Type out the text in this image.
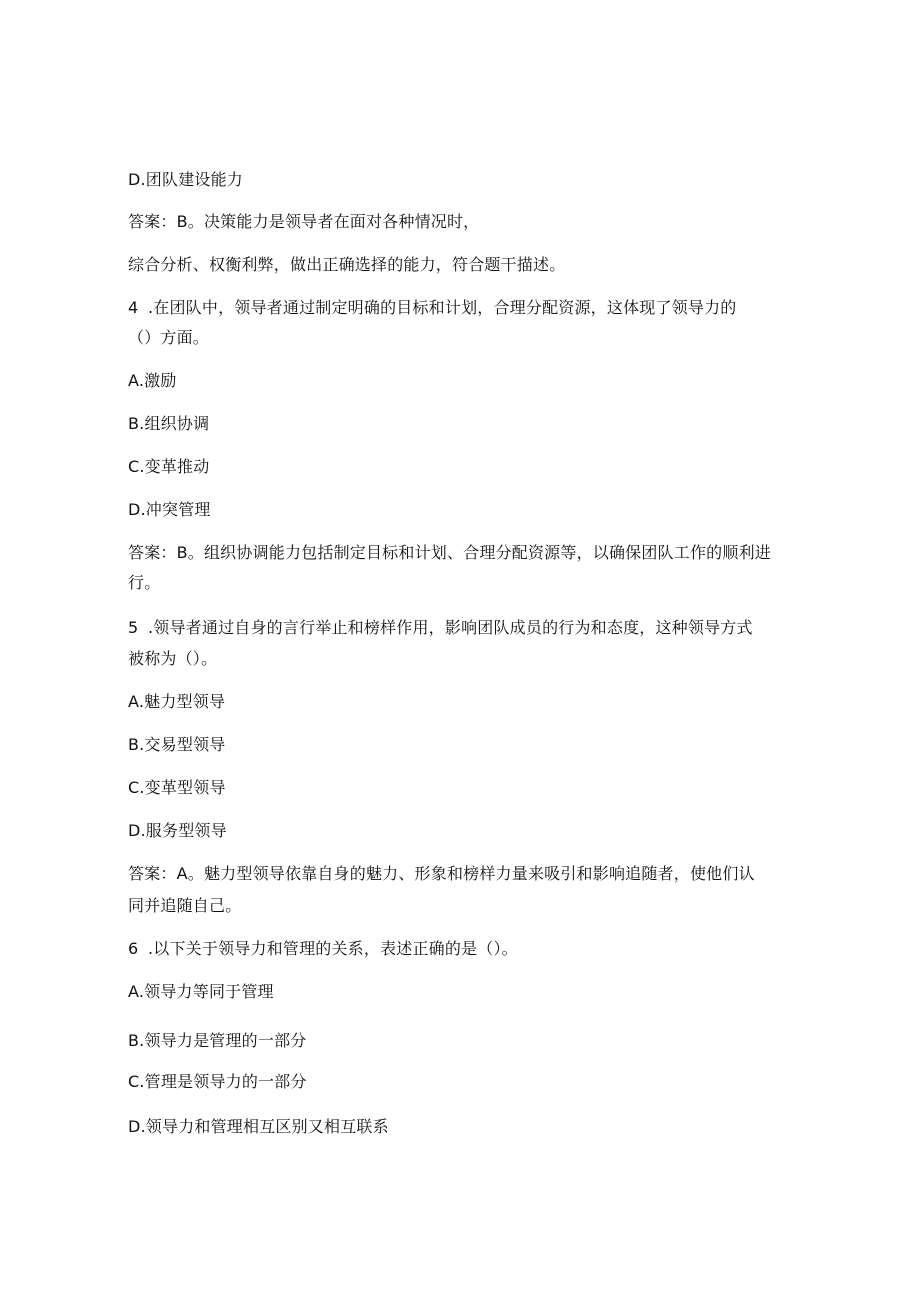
D.团队建设能力
答案：B。决策能力是领导者在面对各种情况时，
综合分析、权衡利弊，做出正确选择的能力，符合题干描述。
4 .在团队中，领导者通过制定明确的目标和计划，合理分配资源，这体现了领导力的
（）方面。
A.激励
B.组织协调
C.变革推动
D.冲突管理
答案：B。组织协调能力包括制定目标和计划、合理分配资源等，以确保团队工作的顺利进
行。
5 .领导者通过自身的言行举止和榜样作用，影响团队成员的行为和态度，这种领导方式
被称为（）。
A.魅力型领导
B.交易型领导
C.变革型领导
D.服务型领导
答案：A。魅力型领导依靠自身的魅力、形象和榜样力量来吸引和影响追随者，使他们认
同并追随自己。
6 .以下关于领导力和管理的关系，表述正确的是（）。
A.领导力等同于管理
B.领导力是管理的一部分
C.管理是领导力的一部分
D.领导力和管理相互区别又相互联系
